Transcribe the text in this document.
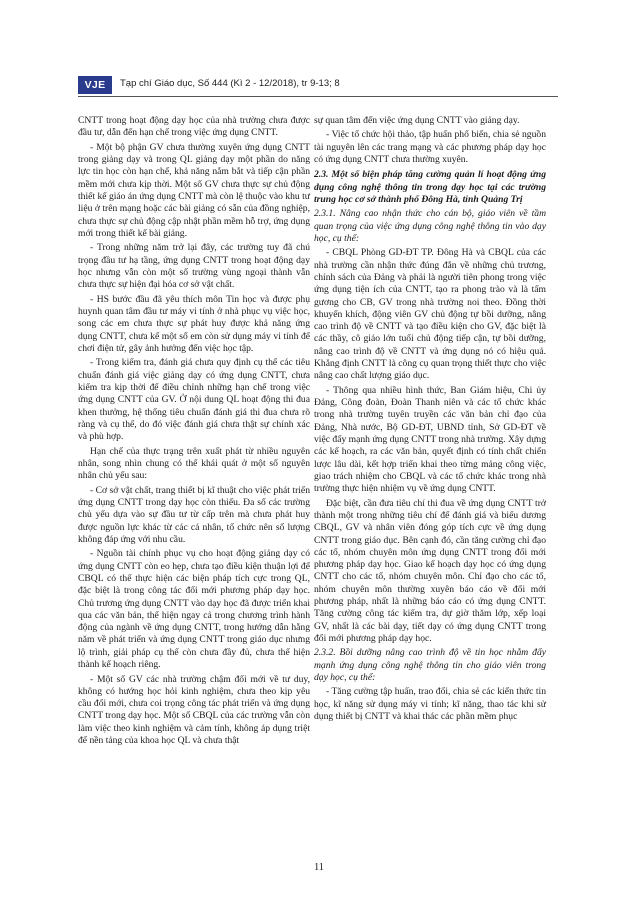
VJE	Tạp chí Giáo dục, Số 444 (Kì 2 - 12/2018), tr 9-13; 8

CNTT trong hoạt động dạy học của nhà trường chưa được đầu tư, dẫn đến hạn chế trong việc ứng dụng CNTT.

- Một bộ phận GV chưa thường xuyên ứng dụng CNTT trong giảng dạy và trong QL giảng dạy một phần do năng lực tin học còn hạn chế, khả năng nắm bắt và tiếp cận phần mềm mới chưa kịp thời. Một số GV chưa thực sự chủ động thiết kế giáo án ứng dụng CNTT mà còn lệ thuộc vào khu tư liệu ở trên mạng hoặc các bài giảng có sẵn của đồng nghiệp, chưa thực sự chủ động cập nhật phần mềm hỗ trợ, ứng dụng mới trong thiết kế bài giảng.

- Trong những năm trở lại đây, các trường tuy đã chú trọng đầu tư hạ tầng, ứng dụng CNTT trong hoạt động dạy học nhưng vẫn còn một số trường vùng ngoại thành vẫn chưa thực sự hiện đại hóa cơ sở vật chất.

- HS bước đầu đã yêu thích môn Tin học và được phụ huynh quan tâm đầu tư máy vi tính ở nhà phục vụ việc học, song các em chưa thực sự phát huy được khả năng ứng dụng CNTT, chưa kể một số em còn sử dụng máy vi tính để chơi điện tử, gây ảnh hưởng đến việc học tập.

- Trong kiểm tra, đánh giá chưa quy định cụ thể các tiêu chuẩn đánh giá việc giảng dạy có ứng dụng CNTT, chưa kiểm tra kịp thời để điều chỉnh những hạn chế trong việc ứng dụng CNTT của GV. Ở nội dung QL hoạt động thi đua khen thưởng, hệ thống tiêu chuẩn đánh giá thi đua chưa rõ ràng và cụ thể, do đó việc đánh giá chưa thật sự chính xác và phù hợp.

Hạn chế của thực trạng trên xuất phát từ nhiều nguyên nhân, song nhìn chung có thể khái quát ở một số nguyên nhân chủ yếu sau:

- Cơ sở vật chất, trang thiết bị kĩ thuật cho việc phát triển ứng dụng CNTT trong dạy học còn thiếu. Đa số các trường chủ yếu dựa vào sự đầu tư từ cấp trên mà chưa phát huy được nguồn lực khác từ các cá nhân, tổ chức nên số lượng không đáp ứng với nhu cầu.

- Nguồn tài chính phục vụ cho hoạt động giảng dạy có ứng dụng CNTT còn eo hẹp, chưa tạo điều kiện thuận lợi để CBQL có thể thực hiện các biện pháp tích cực trong QL, đặc biệt là trong công tác đổi mới phương pháp dạy học. Chủ trương ứng dụng CNTT vào dạy học đã được triển khai qua các văn bản, thể hiện ngay cả trong chương trình hành động của ngành về ứng dụng CNTT, trong hướng dẫn hằng năm về phát triển và ứng dụng CNTT trong giáo dục nhưng lộ trình, giải pháp cụ thể còn chưa đầy đủ, chưa thể hiện thành kế hoạch riêng.

- Một số GV các nhà trường chậm đổi mới về tư duy, không có hướng học hỏi kinh nghiệm, chưa theo kịp yêu cầu đổi mới, chưa coi trọng công tác phát triển và ứng dụng CNTT trong dạy học. Một số CBQL của các trường vẫn còn làm việc theo kinh nghiệm và cảm tính, không áp dụng triệt để nền tảng của khoa học QL và chưa thật

sự quan tâm đến việc ứng dụng CNTT vào giảng dạy.

- Việc tổ chức hội thảo, tập huấn phổ biến, chia sẻ nguồn tài nguyên lên các trang mạng và các phương pháp dạy học có ứng dụng CNTT chưa thường xuyên.

2.3. Một số biện pháp tăng cường quản lí hoạt động ứng dụng công nghệ thông tin trong dạy học tại các trường trung học cơ sở thành phố Đông Hà, tỉnh Quảng Trị

2.3.1. Nâng cao nhận thức cho cán bộ, giáo viên về tầm quan trọng của việc ứng dụng công nghệ thông tin vào dạy học, cụ thể:

- CBQL Phòng GD-ĐT TP. Đông Hà và CBQL của các nhà trường cần nhận thức đúng đắn về những chủ trương, chính sách của Đảng và phải là người tiên phong trong việc ứng dụng tiện ích của CNTT, tạo ra phong trào và là tấm gương cho CB, GV trong nhà trường noi theo. Đồng thời khuyến khích, động viên GV chủ động tự bồi dưỡng, nâng cao trình độ về CNTT và tạo điều kiện cho GV, đặc biệt là các thầy, cô giáo lớn tuổi chủ động tiếp cận, tự bồi dưỡng, nâng cao trình độ về CNTT và ứng dụng nó có hiệu quả. Khẳng định CNTT là công cụ quan trọng thiết thực cho việc nâng cao chất lượng giáo dục.

- Thông qua nhiều hình thức, Ban Giám hiệu, Chi ủy Đảng, Công đoàn, Đoàn Thanh niên và các tổ chức khác trong nhà trường tuyên truyền các văn bản chỉ đạo của Đảng, Nhà nước, Bộ GD-ĐT, UBND tỉnh, Sở GD-ĐT về việc đẩy mạnh ứng dụng CNTT trong nhà trường. Xây dựng các kế hoạch, ra các văn bản, quyết định có tính chất chiến lược lâu dài, kết hợp triển khai theo từng mảng công việc, giao trách nhiệm cho CBQL và các tổ chức khác trong nhà trường thực hiện nhiệm vụ về ứng dụng CNTT.

Đặc biệt, cần đưa tiêu chí thi đua về ứng dụng CNTT trở thành một trong những tiêu chí để đánh giá và biểu dương CBQL, GV và nhân viên đóng góp tích cực về ứng dụng CNTT trong giáo dục. Bên cạnh đó, cần tăng cường chỉ đạo các tổ, nhóm chuyên môn ứng dụng CNTT trong đổi mới phương pháp dạy học. Giao kế hoạch dạy học có ứng dụng CNTT cho các tổ, nhóm chuyên môn. Chỉ đạo cho các tổ, nhóm chuyên môn thường xuyên báo cáo về đổi mới phương pháp, nhất là những báo cáo có ứng dụng CNTT. Tăng cường công tác kiểm tra, dự giờ thăm lớp, xếp loại GV, nhất là các bài dạy, tiết dạy có ứng dụng CNTT trong đổi mới phương pháp dạy học.

2.3.2. Bồi dưỡng nâng cao trình độ về tin học nhằm đẩy mạnh ứng dụng công nghệ thông tin cho giáo viên trong dạy học, cụ thể:

- Tăng cường tập huấn, trao đổi, chia sẻ các kiến thức tin học, kĩ năng sử dụng máy vi tính; kĩ năng, thao tác khi sử dụng thiết bị CNTT và khai thác các phần mềm phục

11
